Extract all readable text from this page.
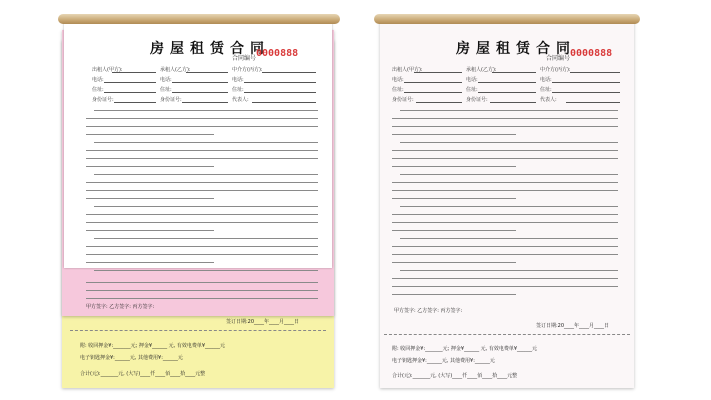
房屋租赁合同
合同编号 0000888
出租人(甲方):	承租人(乙方):	中介方(丙方):
电话:	电话:	电话:
住址:	住址:	住址:
身份证号:	身份证号:	代表人:
甲方签字: 乙方签字: 丙方签字:
签订日期:20____年____月____日
附: 收回押金¥:_______元; 押金¥______ 元, 有效电费单¥______元
电子钥匙押金¥:______元, 其他费用¥:______元
合计(元):_______元, (大写)____仟____佰____拾____元整
房屋租赁合同
合同编号 0000888
出租人(甲方):	承租人(乙方):	中介方(丙方):
电话:	电话:	电话:
住址:	住址:	住址:
身份证号:	身份证号:	代表人:
甲方签字: 乙方签字: 丙方签字:
签订日期:20____年____月____日
附: 收回押金¥:_______元; 押金¥______ 元, 有效电费单¥______元
电子钥匙押金¥:______元, 其他费用¥:______元
合计(元):_______元, (大写)____仟____佰____拾____元整
